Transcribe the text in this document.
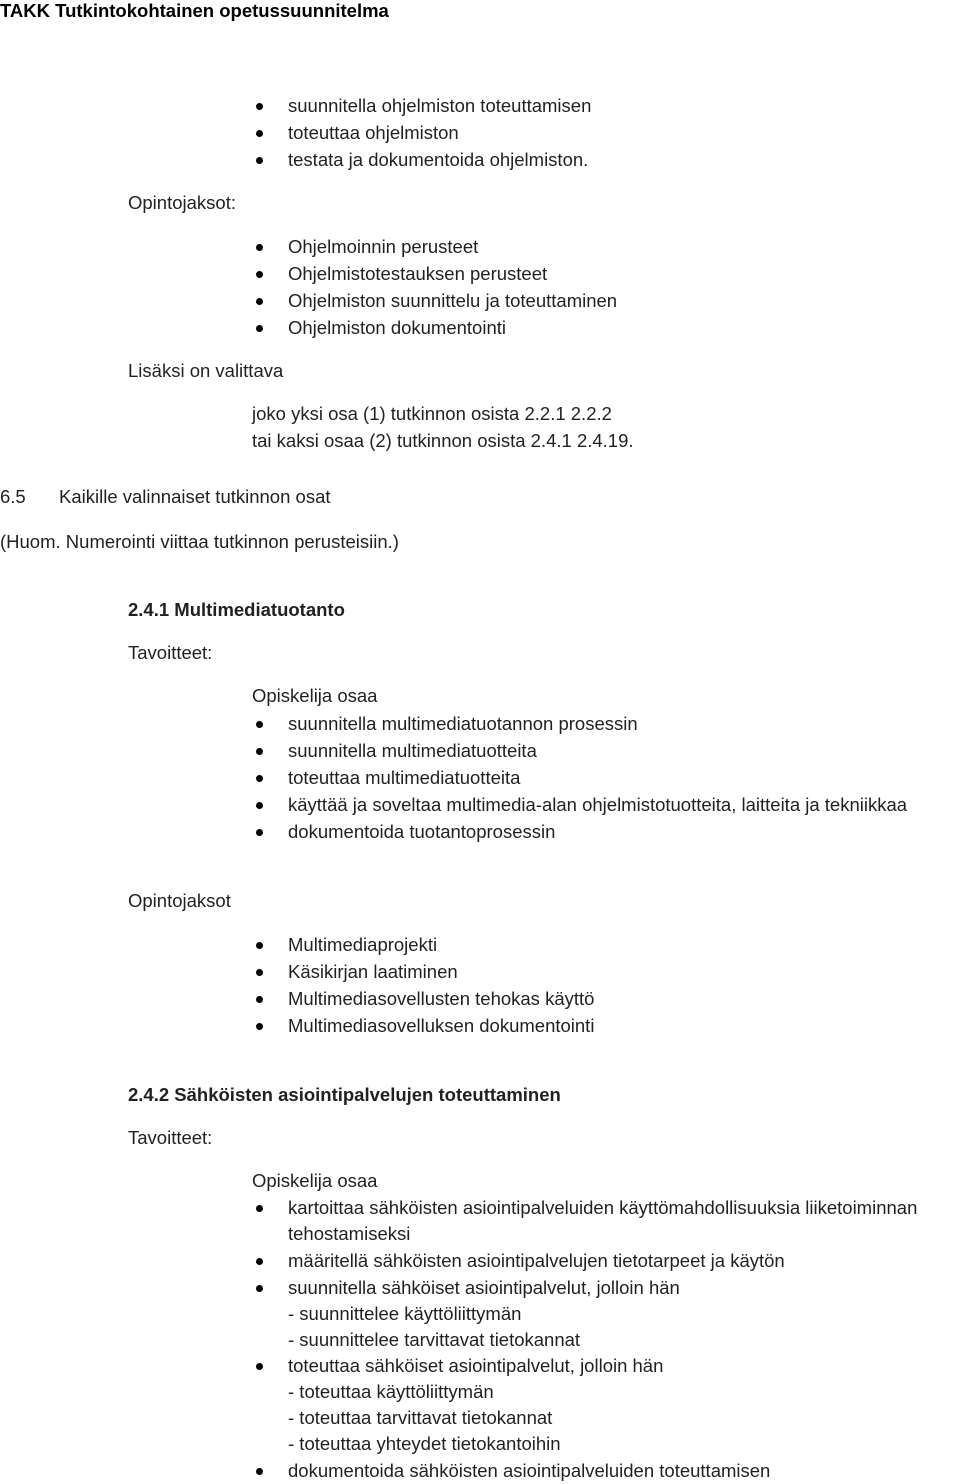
TAKK Tutkintokohtainen opetussuunnitelma
suunnitella ohjelmiston toteuttamisen
toteuttaa ohjelmiston
testata ja dokumentoida ohjelmiston.
Opintojaksot:
Ohjelmoinnin perusteet
Ohjelmistotestauksen perusteet
Ohjelmiston suunnittelu ja toteuttaminen
Ohjelmiston dokumentointi
Lisäksi on valittava
joko yksi osa (1) tutkinnon osista 2.2.1 2.2.2
tai kaksi osaa (2) tutkinnon osista 2.4.1 2.4.19.
6.5 Kaikille valinnaiset tutkinnon osat
(Huom. Numerointi viittaa tutkinnon perusteisiin.)
2.4.1 Multimediatuotanto
Tavoitteet:
Opiskelija osaa
suunnitella multimediatuotannon prosessin
suunnitella multimediatuotteita
toteuttaa multimediatuotteita
käyttää ja soveltaa multimedia-alan ohjelmistotuotteita, laitteita ja tekniikkaa
dokumentoida tuotantoprosessin
Opintojaksot
Multimediaprojekti
Käsikirjan laatiminen
Multimediasovellusten tehokas käyttö
Multimediasovelluksen dokumentointi
2.4.2 Sähköisten asiointipalvelujen toteuttaminen
Tavoitteet:
Opiskelija osaa
kartoittaa sähköisten asiointipalveluiden käyttömahdollisuuksia liiketoiminnan
tehostamiseksi
määritellä sähköisten asiointipalvelujen tietotarpeet ja käytön
suunnitella sähköiset asiointipalvelut, jolloin hän
- suunnittelee käyttöliittymän
- suunnittelee tarvittavat tietokannat
toteuttaa sähköiset asiointipalvelut, jolloin hän
- toteuttaa käyttöliittymän
- toteuttaa tarvittavat tietokannat
- toteuttaa yhteydet tietokantoihin
dokumentoida sähköisten asiointipalveluiden toteuttamisen
